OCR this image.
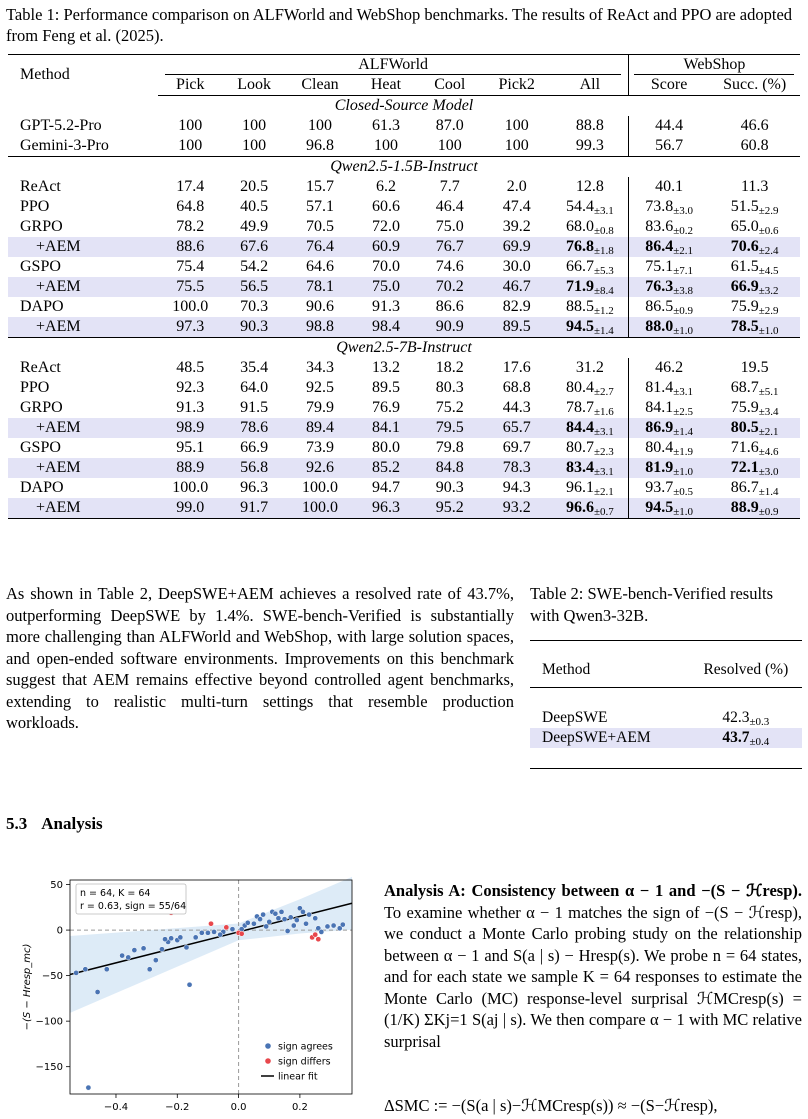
Table 1: Performance comparison on ALFWorld and WebShop benchmarks. The results of ReAct and PPO are adopted from Feng et al. (2025).
Method	ALFWorld							WebShop	
	Pick	Look	Clean	Heat	Cool	Pick2	All	Score	Succ. (%)
Closed-Source Model									
GPT-5.2-Pro	100	100	100	61.3	87.0	100	88.8	44.4	46.6
Gemini-3-Pro	100	100	96.8	100	100	100	99.3	56.7	60.8
Qwen2.5-1.5B-Instruct									
ReAct	17.4	20.5	15.7	6.2	7.7	2.0	12.8	40.1	11.3
PPO	64.8	40.5	57.1	60.6	46.4	47.4	$54.4_{\pm 3.1}$	$73.8_{\pm 3.0}$	$51.5_{\pm 2.9}$
GRPO	78.2	49.9	70.5	72.0	75.0	39.2	$68.0_{\pm 0.8}$	$83.6_{\pm 0.2}$	$65.0_{\pm 0.6}$
+AEM	88.6	67.6	76.4	60.9	76.7	69.9	$76.8_{\pm 1.8}$	$86.4_{\pm 2.1}$	$70.6_{\pm 2.4}$
GSPO	75.4	54.2	64.6	70.0	74.6	30.0	$66.7_{\pm 5.3}$	$75.1_{\pm 7.1}$	$61.5_{\pm 4.5}$
+AEM	75.5	56.5	78.1	75.0	70.2	46.7	$71.9_{\pm 8.4}$	$76.3_{\pm 3.8}$	$66.9_{\pm 3.2}$
DAPO	100.0	70.3	90.6	91.3	86.6	82.9	$88.5_{\pm 1.2}$	$86.5_{\pm 0.9}$	$75.9_{\pm 2.9}$
+AEM	97.3	90.3	98.8	98.4	90.9	89.5	$94.5_{\pm 1.4}$	$88.0_{\pm 1.0}$	$78.5_{\pm 1.0}$
Qwen2.5-7B-Instruct									
ReAct	48.5	35.4	34.3	13.2	18.2	17.6	31.2	46.2	19.5
PPO	92.3	64.0	92.5	89.5	80.3	68.8	$80.4_{\pm 2.7}$	$81.4_{\pm 3.1}$	$68.7_{\pm 5.1}$
GRPO	91.3	91.5	79.9	76.9	75.2	44.3	$78.7_{\pm 1.6}$	$84.1_{\pm 2.5}$	$75.9_{\pm 3.4}$
+AEM	98.9	78.6	89.4	84.1	79.5	65.7	$84.4_{\pm 3.1}$	$86.9_{\pm 1.4}$	$80.5_{\pm 2.1}$
GSPO	95.1	66.9	73.9	80.0	79.8	69.7	$80.7_{\pm 2.3}$	$80.4_{\pm 1.9}$	$71.6_{\pm 4.6}$
+AEM	88.9	56.8	92.6	85.2	84.8	78.3	$83.4_{\pm 3.1}$	$81.9_{\pm 1.0}$	$72.1_{\pm 3.0}$
DAPO	100.0	96.3	100.0	94.7	90.3	94.3	$96.1_{\pm 2.1}$	$93.7_{\pm 0.5}$	$86.7_{\pm 1.4}$
+AEM	99.0	91.7	100.0	96.3	95.2	93.2	$96.6_{\pm 0.7}$	$94.5_{\pm 1.0}$	$88.9_{\pm 0.9}$
As shown in Table 2, DeepSWE+AEM achieves a resolved rate of 43.7%, outperforming DeepSWE by 1.4%. SWE-bench-Verified is substantially more challenging than ALFWorld and WebShop, with large solution spaces, and open-ended software environments. Improvements on this benchmark suggest that AEM remains effective beyond controlled agent benchmarks, extending to realistic multi-turn settings that resemble production workloads.
Table 2: SWE-bench-Verified results with Qwen3-32B.

Method	Resolved (%)

DeepSWE	$42.3_{\pm 0.3}$
DeepSWE+AEM	$43.7_{\pm 0.4}$

5.3 Analysis
−0.4	−0.2	0.0	0.2
50
0
−50
−100
−150
−(S − Hresp_mc)
n = 64, K = 64
r = 0.63, sign = 55/64
sign agrees
sign differs
linear fit
Analysis A: Consistency between α − 1 and −(S − ℋresp). To examine whether α − 1 matches the sign of −(S − ℋresp), we conduct a Monte Carlo probing study on the relationship between α − 1 and S(a | s) − Hresp(s). We probe n = 64 states, and for each state we sample K = 64 responses to estimate the Monte Carlo (MC) response-level surprisal ℋMCresp(s) = (1/K) ΣKj=1 S(aj | s). We then compare α − 1 with MC relative surprisal
ΔSMC := −(S(a | s)−ℋMCresp(s)) ≈ −(S−ℋresp),
